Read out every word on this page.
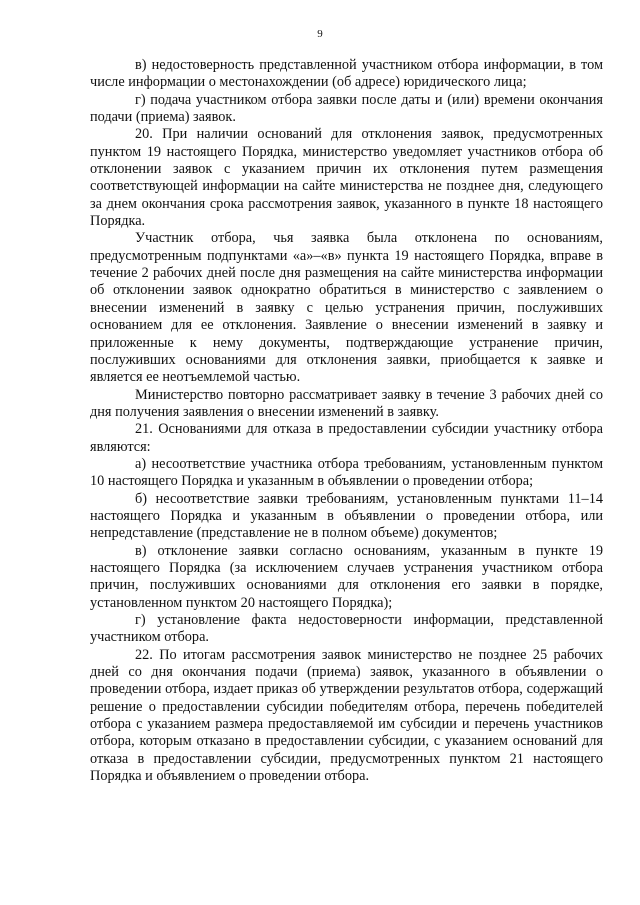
9

в) недостоверность представленной участником отбора информации, в том числе информации о местонахождении (об адресе) юридического лица;

г) подача участником отбора заявки после даты и (или) времени окончания подачи (приема) заявок.

20. При наличии оснований для отклонения заявок, предусмотренных пунктом 19 настоящего Порядка, министерство уведомляет участников отбора об отклонении заявок с указанием причин их отклонения путем размещения соответствующей информации на сайте министерства не позднее дня, следующего за днем окончания срока рассмотрения заявок, указанного в пункте 18 настоящего Порядка.

Участник отбора, чья заявка была отклонена по основаниям, предусмотренным подпунктами «а»–«в» пункта 19 настоящего Порядка, вправе в течение 2 рабочих дней после дня размещения на сайте министерства информации об отклонении заявок однократно обратиться в министерство с заявлением о внесении изменений в заявку с целью устранения причин, послуживших основанием для ее отклонения. Заявление о внесении изменений в заявку и приложенные к нему документы, подтверждающие устранение причин, послуживших основаниями для отклонения заявки, приобщается к заявке и является ее неотъемлемой частью.

Министерство повторно рассматривает заявку в течение 3 рабочих дней со дня получения заявления о внесении изменений в заявку.

21. Основаниями для отказа в предоставлении субсидии участнику отбора являются:

а) несоответствие участника отбора требованиям, установленным пунктом 10 настоящего Порядка и указанным в объявлении о проведении отбора;

б) несоответствие заявки требованиям, установленным пунктами 11–14 настоящего Порядка и указанным в объявлении о проведении отбора, или непредставление (представление не в полном объеме) документов;

в) отклонение заявки согласно основаниям, указанным в пункте 19 настоящего Порядка (за исключением случаев устранения участником отбора причин, послуживших основаниями для отклонения его заявки в порядке, установленном пунктом 20 настоящего Порядка);

г) установление факта недостоверности информации, представленной участником отбора.

22. По итогам рассмотрения заявок министерство не позднее 25 рабочих дней со дня окончания подачи (приема) заявок, указанного в объявлении о проведении отбора, издает приказ об утверждении результатов отбора, содержащий решение о предоставлении субсидии победителям отбора, перечень победителей отбора с указанием размера предоставляемой им субсидии и перечень участников отбора, которым отказано в предоставлении субсидии, с указанием оснований для отказа в предоставлении субсидии, предусмотренных пунктом 21 настоящего Порядка и объявлением о проведении отбора.
